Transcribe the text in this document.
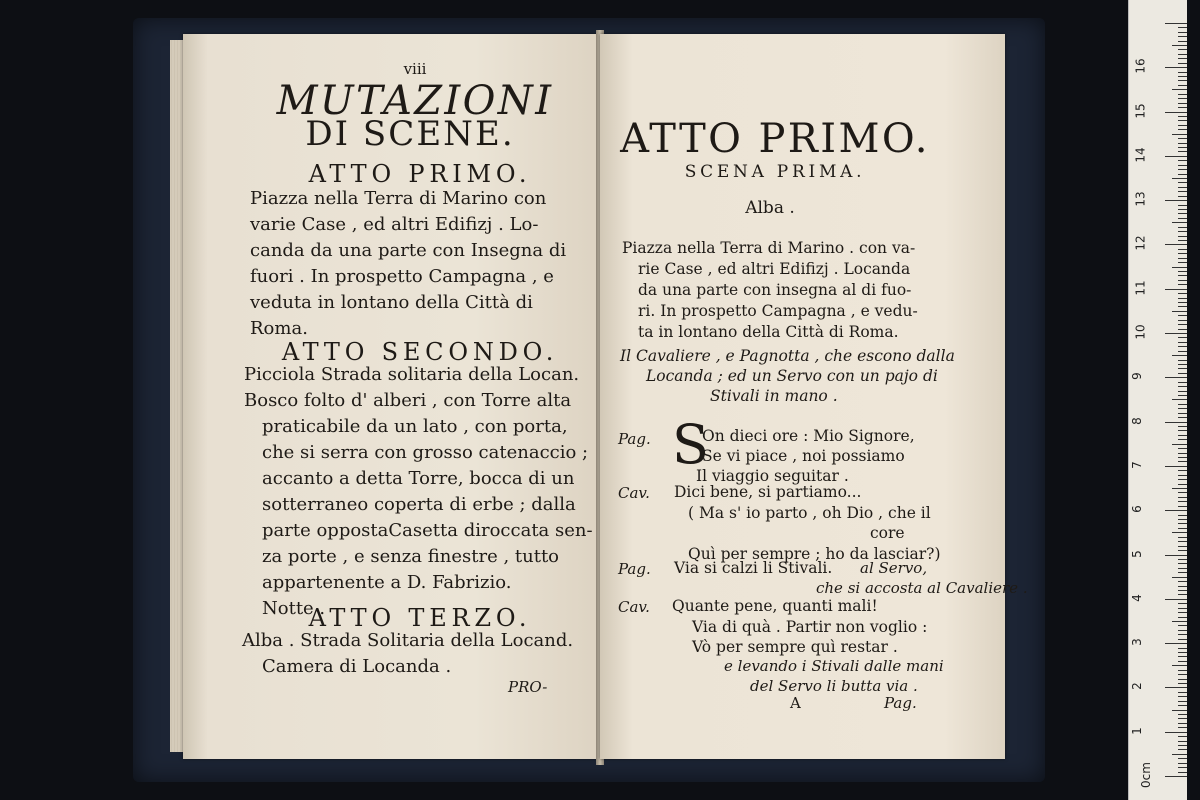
viii
MUTAZIONI
DI SCENE.
ATTO PRIMO.
Piazza nella Terra di Marino con
varie Case , ed altri Edifizj . Lo-
canda da una parte con Insegna di
fuori . In prospetto Campagna , e
veduta in lontano della Città di
Roma.
ATTO SECONDO.
Picciola Strada solitaria della Locan.
Bosco folto d' alberi , con Torre alta
praticabile da un lato , con porta,
che si serra con grosso catenaccio ;
accanto a detta Torre, bocca di un
sotterraneo coperta di erbe ; dalla
parte oppostaCasetta diroccata sen-
za porte , e senza finestre , tutto
appartenente a D. Fabrizio.
Notte .
ATTO TERZO.
Alba . Strada Solitaria della Locand.
Camera di Locanda .
PRO-
ATTO PRIMO.
SCENA PRIMA.
Alba .
Piazza nella Terra di Marino . con va-
rie Case , ed altri Edifizj . Locanda
da una parte con insegna al di fuo-
ri. In prospetto Campagna , e vedu-
ta in lontano della Città di Roma.
Il Cavaliere , e Pagnotta , che escono dalla
Locanda ; ed un Servo con un pajo di
Stivali in mano .
Pag. S
On dieci ore : Mio Signore,
Se vi piace , noi possiamo
Il viaggio seguitar .
Cav. Dici bene, si partiamo...
( Ma s' io parto , oh Dio , che il
core
Quì per sempre ; ho da lasciar?)
Pag. Via si calzi li Stivali. al Servo,
che si accosta al Cavaliere .
Cav. Quante pene, quanti mali!
Via di quà . Partir non voglio :
Vò per sempre quì restar .
e levando i Stivali dalle mani
del Servo li butta via .
A	Pag.
0cm
1
2
3
4
5
6
7
8
9
10
11
12
13
14
15
16
